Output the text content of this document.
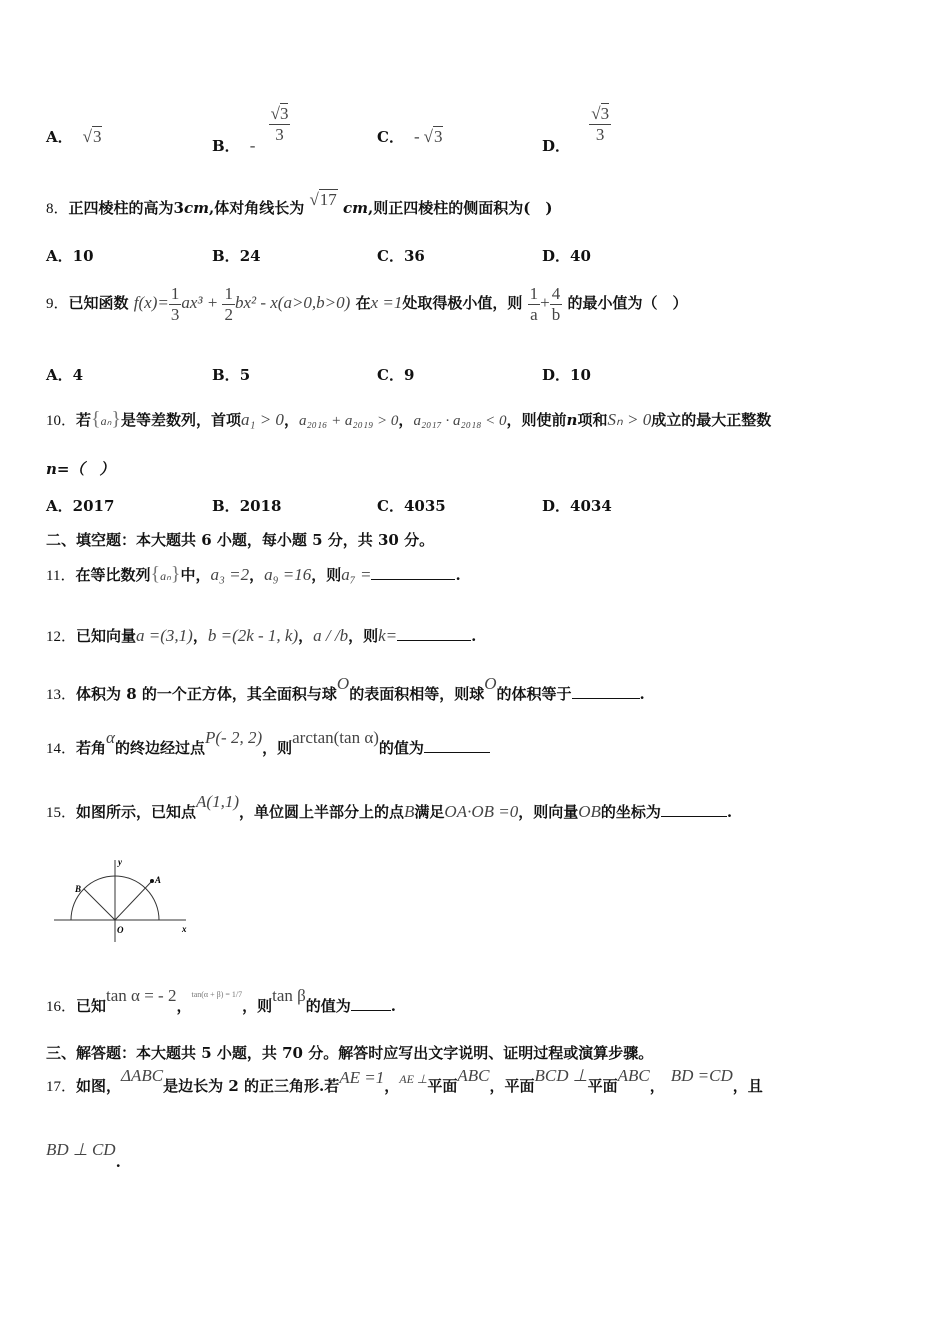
A． √3	B． - $\frac{√3}{3}$	C． - √3	D．
$\frac{√3}{3}$
8．正四棱柱的高为3cm,体对角线长为 √17 cm,则正四棱柱的侧面积为(　)
A．10	B．24	C．36	D．40
9．已知函数 $f(x)= \frac{1}{3} ax^3 + \frac{1}{2} bx^2 - x(a>0,b>0)$ 在x =1处取得极小值，则 $\frac{1}{a} + \frac{4}{b}$ 的最小值为（　）
A．4	B．5	C．9	D．10
10．若{aₙ}是等差数列，首项a₁ > 0，a₂₀₁₆ + a₂₀₁₉ > 0，a₂₀₁₇ · a₂₀₁₈ < 0，则使前n项和Sₙ > 0成立的最大正整数
n=（　）
A．2017	B．2018	C．4035	D．4034
二、填空题：本大题共 6 小题，每小题 5 分，共 30 分。
11．在等比数列{aₙ}中，a₃ =2，a₉ =16，则a₇ =	.
12．已知向量a =(3,1)，b =(2k - 1, k)，a / /b，则k=	.
13．体积为 8 的一个正方体，其全面积与球O的表面积相等，则球O的体积等于	.
14．若角α的终边经过点P(- 2, 2)，则arctan(tan α)的值为
15．如图所示，已知点A(1,1)，单位圆上半部分上的点B满足OA·OB =0，则向量OB的坐标为	.
y
x
O
A
B
16．已知tan α = - 2，$^{tan(\alpha + \beta) = 1/7}$，则tan β的值为	.
三、解答题：本大题共 5 小题，共 70 分。解答时应写出文字说明、证明过程或演算步骤。
17．如图，ΔABC是边长为 2 的正三角形.若AE =1，$^{AE \perp}$平面ABC，平面BCD ⊥平面ABC，BD =CD，且
BD ⊥ CD.
